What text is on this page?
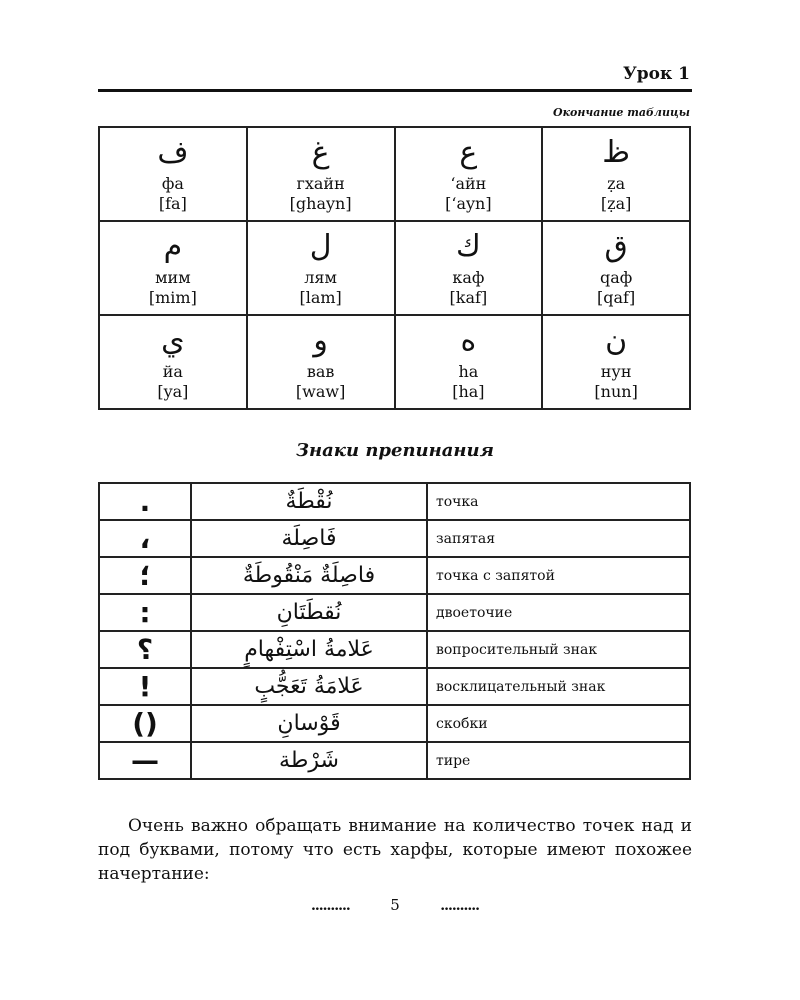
Урок 1
Окончание таблицы
ف
фа
[fa]	غ
гхайн
[ghayn]	ع
‘айн
[‘ayn]	ظ
ẓa
[ẓa]

م
мим
[mim]	ل
лям
[lam]	ك
каф
[kaf]	ق
qaф
[qaf]

ي
йа
[ya]	و
вав
[waw]	ه
ha
[ha]	ن
нун
[nun]
Знаки препинания
.	نُقْطَةٌ	точка
،	فَاصِلَة	запятая
؛	فاصِلَةٌ مَنْقُوطَةٌ	точка с запятой
:	نُقطَتَانِ	двоеточие
؟	عَلامةُ اسْتِفْهامٍ	вопросительный знак
!	عَلامَةُ تَعَجُّبٍ	восклицательный знак
()	قَوْسانِ	скобки
—	شَرْطة	тире
Очень важно обращать внимание на количество точек над и под буквами, потому что есть харфы, которые имеют похожее начертание:
..........	5	..........
